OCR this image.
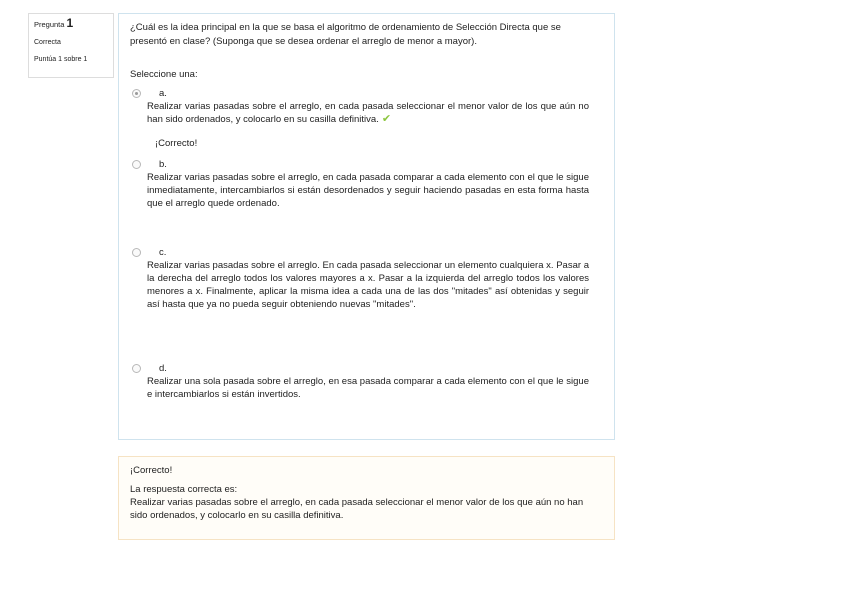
Pregunta 1
Correcta
Puntúa 1 sobre 1
¿Cuál es la idea principal en la que se basa el algoritmo de ordenamiento de Selección Directa que se presentó en clase? (Suponga que se desea ordenar el arreglo de menor a mayor).
Seleccione una:
a.
Realizar varias pasadas sobre el arreglo, en cada pasada seleccionar el menor valor de los que aún no han sido ordenados, y colocarlo en su casilla definitiva. ✔
¡Correcto!
b.
Realizar varias pasadas sobre el arreglo, en cada pasada comparar a cada elemento con el que le sigue inmediatamente, intercambiarlos si están desordenados y seguir haciendo pasadas en esta forma hasta que el arreglo quede ordenado.
c.
Realizar varias pasadas sobre el arreglo. En cada pasada seleccionar un elemento cualquiera x. Pasar a la derecha del arreglo todos los valores mayores a x. Pasar a la izquierda del arreglo todos los valores menores a x. Finalmente, aplicar la misma idea a cada una de las dos "mitades" así obtenidas y seguir así hasta que ya no pueda seguir obteniendo nuevas "mitades".
d.
Realizar una sola pasada sobre el arreglo, en esa pasada comparar a cada elemento con el que le sigue e intercambiarlos si están invertidos.
¡Correcto!
La respuesta correcta es:
Realizar varias pasadas sobre el arreglo, en cada pasada seleccionar el menor valor de los que aún no han sido ordenados, y colocarlo en su casilla definitiva.
